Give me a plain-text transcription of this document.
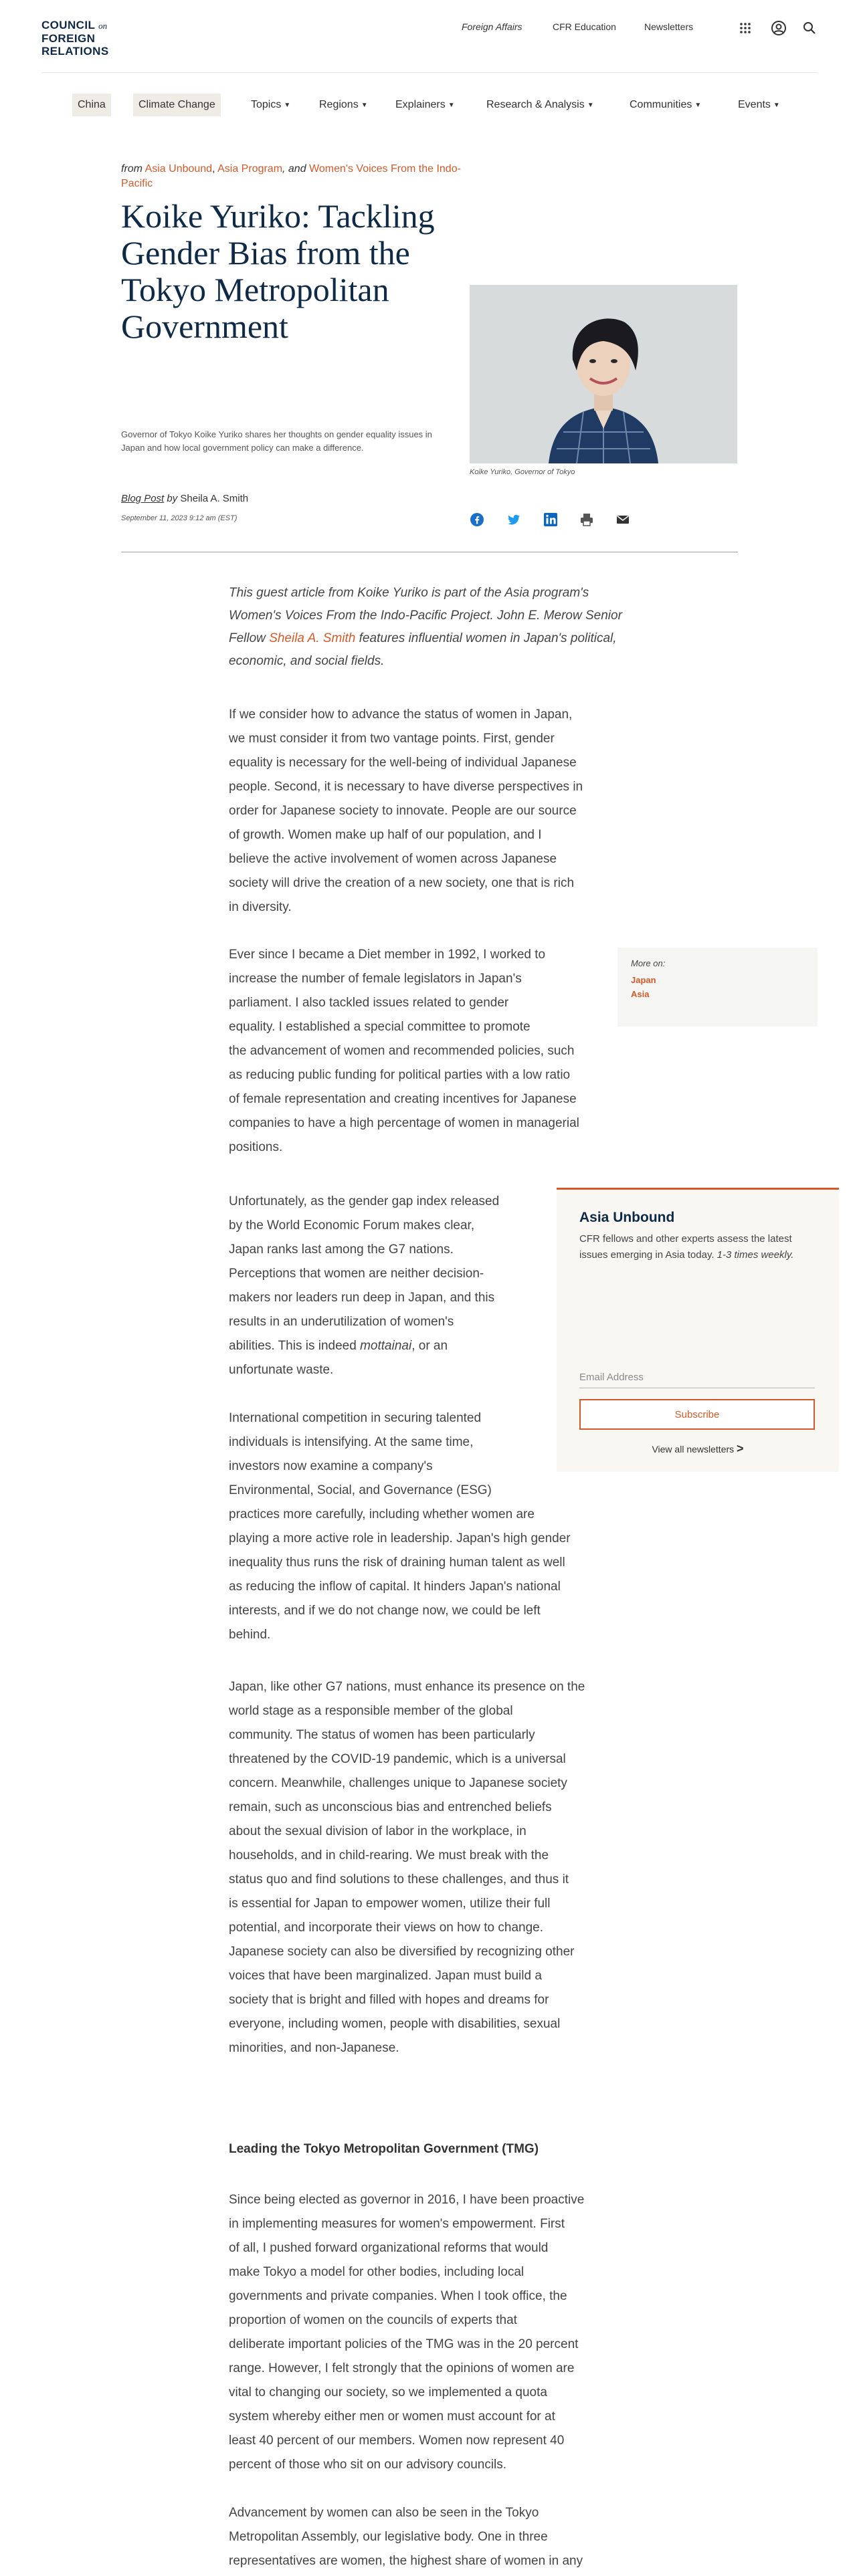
COUNCIL on
FOREIGN
RELATIONS
Foreign Affairs	CFR Education	Newsletters
China	Climate Change	Topics ▼	Regions ▼	Explainers ▼	Research & Analysis ▼	Communities ▼	Events ▼
from Asia Unbound, Asia Program, and Women's Voices From the Indo-Pacific
Koike Yuriko: Tackling Gender Bias from the Tokyo Metropolitan Government

Governor of Tokyo Koike Yuriko shares her thoughts on gender equality issues in Japan and how local government policy can make a difference.

Blog Post by Sheila A. Smith
September 11, 2023 9:12 am (EST)
Koike Yuriko, Governor of Tokyo

This guest article from Koike Yuriko is part of the Asia program's Women's Voices From the Indo-Pacific Project. John E. Merow Senior Fellow Sheila A. Smith features influential women in Japan's political, economic, and social fields.

If we consider how to advance the status of women in Japan,
we must consider it from two vantage points. First, gender
equality is necessary for the well-being of individual Japanese
people. Second, it is necessary to have diverse perspectives in
order for Japanese society to innovate. People are our source
of growth. Women make up half of our population, and I
believe the active involvement of women across Japanese
society will drive the creation of a new society, one that is rich
in diversity.
Ever since I became a Diet member in 1992, I worked to
increase the number of female legislators in Japan's
parliament. I also tackled issues related to gender
equality. I established a special committee to promote
the advancement of women and recommended policies, such
as reducing public funding for political parties with a low ratio
of female representation and creating incentives for Japanese
companies to have a high percentage of women in managerial
positions.
Unfortunately, as the gender gap index released
by the World Economic Forum makes clear,
Japan ranks last among the G7 nations.
Perceptions that women are neither decision-
makers nor leaders run deep in Japan, and this
results in an underutilization of women's
abilities. This is indeed mottainai, or an
unfortunate waste.
International competition in securing talented
individuals is intensifying. At the same time,
investors now examine a company's
Environmental, Social, and Governance (ESG)
practices more carefully, including whether women are
playing a more active role in leadership. Japan's high gender
inequality thus runs the risk of draining human talent as well
as reducing the inflow of capital. It hinders Japan's national
interests, and if we do not change now, we could be left
behind.
Japan, like other G7 nations, must enhance its presence on the
world stage as a responsible member of the global
community. The status of women has been particularly
threatened by the COVID-19 pandemic, which is a universal
concern. Meanwhile, challenges unique to Japanese society
remain, such as unconscious bias and entrenched beliefs
about the sexual division of labor in the workplace, in
households, and in child-rearing. We must break with the
status quo and find solutions to these challenges, and thus it
is essential for Japan to empower women, utilize their full
potential, and incorporate their views on how to change.
Japanese society can also be diversified by recognizing other
voices that have been marginalized. Japan must build a
society that is bright and filled with hopes and dreams for
everyone, including women, people with disabilities, sexual
minorities, and non-Japanese.
Leading the Tokyo Metropolitan Government (TMG)
Since being elected as governor in 2016, I have been proactive
in implementing measures for women's empowerment. First
of all, I pushed forward organizational reforms that would
make Tokyo a model for other bodies, including local
governments and private companies. When I took office, the
proportion of women on the councils of experts that
deliberate important policies of the TMG was in the 20 percent
range. However, I felt strongly that the opinions of women are
vital to changing our society, so we implemented a quota
system whereby either men or women must account for at
least 40 percent of our members. Women now represent 40
percent of those who sit on our advisory councils.
Advancement by women can also be seen in the Tokyo
Metropolitan Assembly, our legislative body. One in three
representatives are women, the highest share of women in any
More on:
Japan
Asia
Asia Unbound
CFR fellows and other experts assess the latest issues emerging in Asia today. 1-3 times weekly.
Email Address
Subscribe
View all newsletters >
